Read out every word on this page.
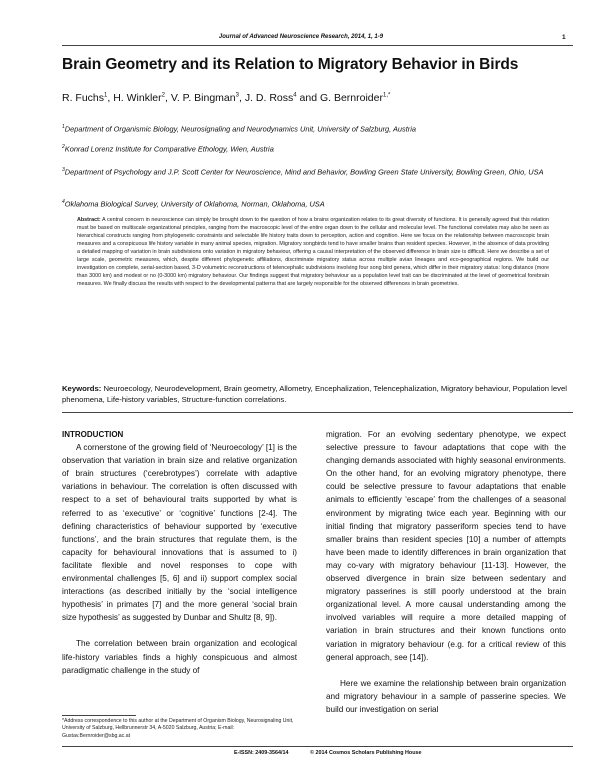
Journal of Advanced Neuroscience Research, 2014, 1, 1-9	1
Brain Geometry and its Relation to Migratory Behavior in Birds
R. Fuchs$^1$, H. Winkler$^2$, V. P. Bingman$^3$, J. D. Ross$^4$ and G. Bernroider$^{1,*}$
$^1$Department of Organismic Biology, Neurosignaling and Neurodynamics Unit, University of Salzburg, Austria
$^2$Konrad Lorenz Institute for Comparative Ethology, Wien, Austria
$^3$Department of Psychology and J.P. Scott Center for Neuroscience, Mind and Behavior, Bowling Green State University, Bowling Green, Ohio, USA
$^4$Oklahoma Biological Survey, University of Oklahoma, Norman, Oklahoma, USA
Abstract: A central concern in neuroscience can simply be brought down to the question of how a brains organization relates to its great diversity of functions. It is generally agreed that this relation must be based on multiscale organizational principles, ranging from the macroscopic level of the entire organ down to the cellular and molecular level. The functional correlates may also be seen as hierarchical constructs ranging from phylogenetic constraints and selectable life history traits down to perception, action and cognition. Here we focus on the relationship between macroscopic brain measures and a conspicuous life history variable in many animal species, migration. Migratory songbirds tend to have smaller brains than resident species. However, in the absence of data providing a detailed mapping of variation in brain subdivisions onto variation in migratory behaviour, offering a causal interpretation of the observed difference in brain size is difficult. Here we describe a set of large scale, geometric measures, which, despite different phylogenetic affiliations, discriminate migratory status across multiple avian lineages and eco-geographical regions. We build our investigation on complete, serial-section based, 3-D volumetric reconstructions of telencephalic subdivisions involving four song bird genera, which differ in their migratory status: long distance (more than 3000 km) and modest or no (0-3000 km) migratory behaviour. Our findings suggest that migratory behaviour as a population level trait can be discriminated at the level of geometrical forebrain measures. We finally discuss the results with respect to the developmental patterns that are largely responsible for the observed differences in brain geometries.
Keywords: Neuroecology, Neurodevelopment, Brain geometry, Allometry, Encephalization, Telencephalization, Migratory behaviour, Population level phenomena, Life-history variables, Structure-function correlations.

INTRODUCTION

A cornerstone of the growing field of ‘Neuroecology’ [1] is the observation that variation in brain size and relative organization of brain structures (‘cerebrotypes’) correlate with adaptive variations in behaviour. The correlation is often discussed with respect to a set of behavioural traits supported by what is referred to as ‘executive’ or ‘cognitive’ functions [2-4]. The defining characteristics of behaviour supported by ‘executive functions’, and the brain structures that regulate them, is the capacity for behavioural innovations that is assumed to i) facilitate flexible and novel responses to cope with environmental challenges [5, 6] and ii) support complex social interactions (as described initially by the ‘social intelligence hypothesis’ in primates [7] and the more general ‘social brain size hypothesis’ as suggested by Dunbar and Shultz [8, 9]).

The correlation between brain organization and ecological life-history variables finds a highly conspicuous and almost paradigmatic challenge in the study of

migration. For an evolving sedentary phenotype, we expect selective pressure to favour adaptations that cope with the changing demands associated with highly seasonal environments. On the other hand, for an evolving migratory phenotype, there could be selective pressure to favour adaptations that enable animals to efficiently ‘escape’ from the challenges of a seasonal environment by migrating twice each year. Beginning with our initial finding that migratory passeriform species tend to have smaller brains than resident species [10] a number of attempts have been made to identify differences in brain organization that may co-vary with migratory behaviour [11-13]. However, the observed divergence in brain size between sedentary and migratory passerines is still poorly understood at the brain organizational level. A more causal understanding among the involved variables will require a more detailed mapping of variation in brain structures and their known functions onto variation in migratory behaviour (e.g. for a critical review of this general approach, see [14]).

Here we examine the relationship between brain organization and migratory behaviour in a sample of passerine species. We build our investigation on serial

*Address correspondence to this author at the Department of Organism Biology, Neurosignaling Unit, University of Salzburg, Hellbrunnerstr 34, A-5020 Salzburg, Austria; E-mail: Gustav.Bernroider@sbg.ac.at
E-ISSN: 2409-3564/14	© 2014 Cosmos Scholars Publishing House
